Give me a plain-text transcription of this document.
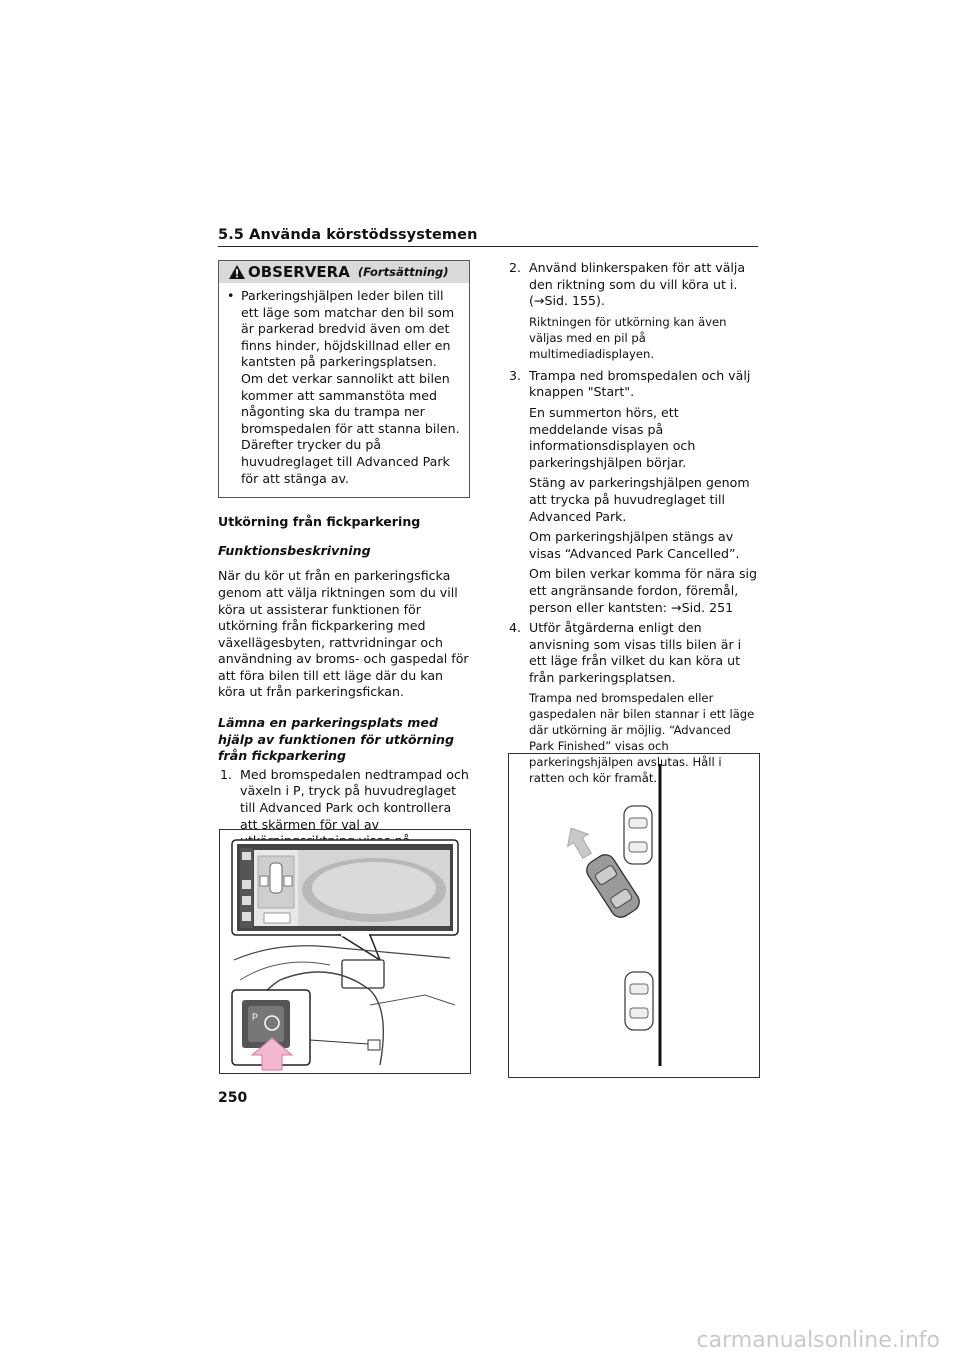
5.5 Använda körstödssystemen
OBSERVERA (Fortsättning)
• Parkeringshjälpen leder bilen till ett läge som matchar den bil som är parkerad bredvid även om det finns hinder, höjdskillnad eller en kantsten på parkeringsplatsen. Om det verkar sannolikt att bilen kommer att sammanstöta med någonting ska du trampa ner bromspedalen för att stanna bilen. Därefter trycker du på huvudreglaget till Advanced Park för att stänga av.

Utkörning från fickparkering

Funktionsbeskrivning

När du kör ut från en parkeringsficka genom att välja riktningen som du vill köra ut assisterar funktionen för utkörning från fickparkering med växellägesbyten, rattvridningar och användning av broms- och gaspedal för att föra bilen till ett läge där du kan köra ut från parkeringsfickan.

Lämna en parkeringsplats med hjälp av funktionen för utkörning från fickparkering

1. Med bromspedalen nedtrampad och växeln i P, tryck på huvudreglaget till Advanced Park och kontrollera att skärmen för val av
2. Använd blinkerspaken för att välja den riktning som du vill köra ut i. (→Sid. 155).

Riktningen för utkörning kan även väljas med en pil på multimediadisplayen.

3. Trampa ned bromspedalen och välj knappen "Start".

En summerton hörs, ett meddelande visas på informationsdisplayen och parkeringshjälpen börjar.

Stäng av parkeringshjälpen genom att trycka på huvudreglaget till Advanced Park.

Om parkeringshjälpen stängs av visas “Advanced Park Cancelled”.

Om bilen verkar komma för nära sig ett angränsande fordon, föremål, person eller kantsten: →Sid. 251

4. Utför åtgärderna enligt den anvisning som visas tills bilen är i ett läge från vilket du kan köra ut från parkeringsplatsen.

Trampa ned bromspedalen eller gaspedalen när bilen stannar i ett läge där utkörning är möjlig. “Advanced Park Finished” visas och parkeringshjälpen avslutas. Håll i ratten och kör framåt.

P
250
carmanualsonline.info
